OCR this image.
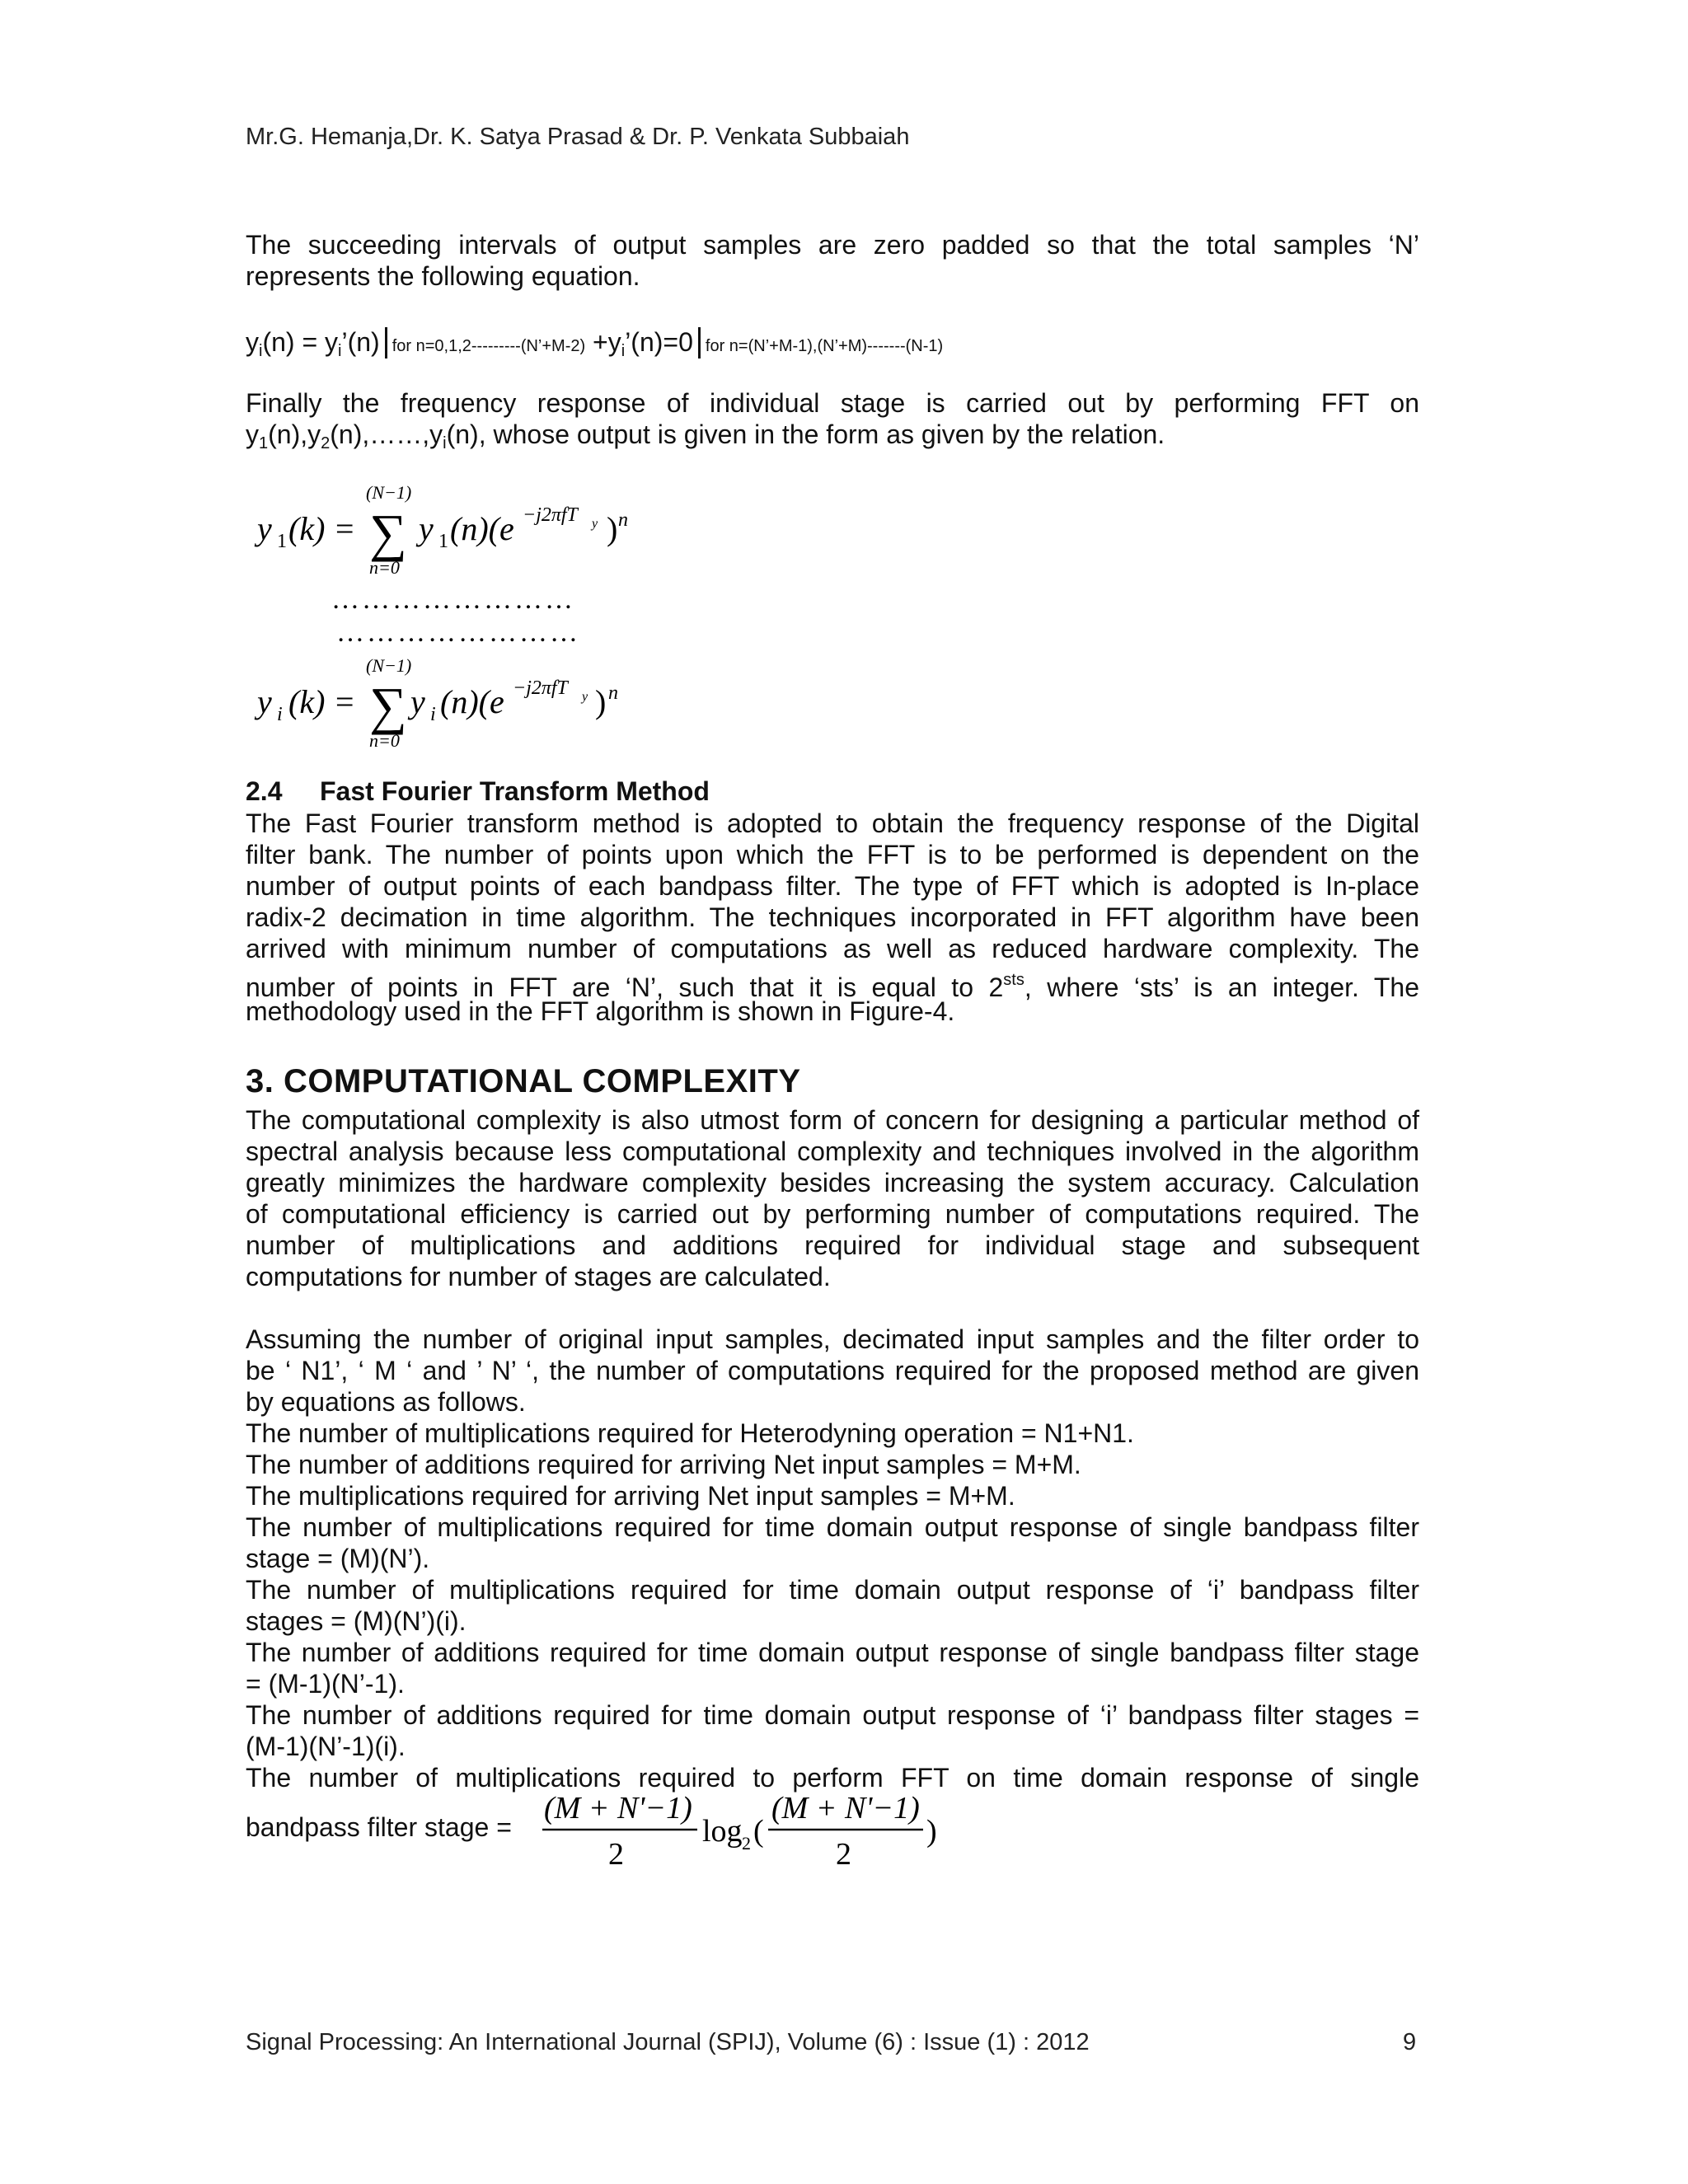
Mr.G. Hemanja,Dr. K. Satya Prasad & Dr. P. Venkata Subbaiah
The succeeding intervals of output samples are zero padded so that the total samples ‘N’
represents the following equation.
$y_i(n)$ = $y_i’(n)$ for n=0,1,2---------(N’+M-2) $+y_i’(n)=0$ for n=(N’+M-1),(N’+M)-------(N-1)
Finally the frequency response of individual stage is carried out by performing FFT on
$y_1(n),y_2(n),\dots\dots,y_i(n)$, whose output is given in the form as given by the relation.
(N−1)
y 1 (k) = ∑ y 1 (n)(e −j2πfT y ) n
n=0
……………………
……………………
(N−1)
y i (k) = ∑ y i (n)(e −j2πfT y ) n
n=0
2.4 Fast Fourier Transform Method
The Fast Fourier transform method is adopted to obtain the frequency response of the Digital
filter bank. The number of points upon which the FFT is to be performed is dependent on the
number of output points of each bandpass filter. The type of FFT which is adopted is In-place
radix-2 decimation in time algorithm. The techniques incorporated in FFT algorithm have been
arrived with minimum number of computations as well as reduced hardware complexity. The
number of points in FFT are ‘N’, such that it is equal to $2^{sts}$, where ‘sts’ is an integer. The
methodology used in the FFT algorithm is shown in Figure-4.
3. COMPUTATIONAL COMPLEXITY
The computational complexity is also utmost form of concern for designing a particular method of
spectral analysis because less computational complexity and techniques involved in the algorithm
greatly minimizes the hardware complexity besides increasing the system accuracy. Calculation
of computational efficiency is carried out by performing number of computations required. The
number of multiplications and additions required for individual stage and subsequent
computations for number of stages are calculated.
Assuming the number of original input samples, decimated input samples and the filter order to
be ‘ N1’, ‘ M ‘ and ’ N’ ‘, the number of computations required for the proposed method are given
by equations as follows.
The number of multiplications required for Heterodyning operation = N1+N1.
The number of additions required for arriving Net input samples = M+M.
The multiplications required for arriving Net input samples = M+M.
The number of multiplications required for time domain output response of single bandpass filter
stage = (M)(N’).
The number of multiplications required for time domain output response of ‘i’ bandpass filter
stages = (M)(N’)(i).
The number of additions required for time domain output response of single bandpass filter stage
= (M-1)(N’-1).
The number of additions required for time domain output response of ‘i’ bandpass filter stages =
(M-1)(N’-1)(i).
The number of multiplications required to perform FFT on time domain response of single
bandpass filter stage =
(M + N'−1)
2
log 2 (
(M + N'−1)
2
)
Signal Processing: An International Journal (SPIJ), Volume (6) : Issue (1) : 2012	9
